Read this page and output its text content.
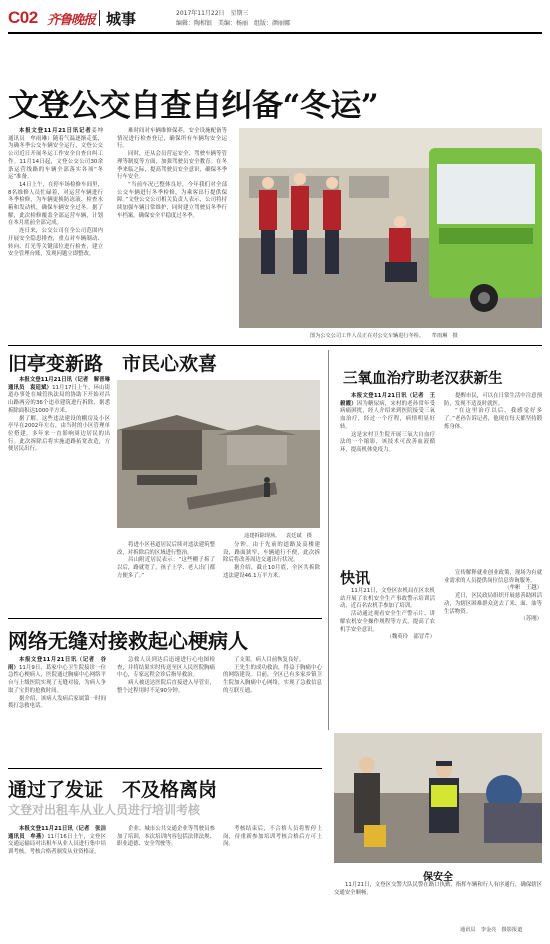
C02 齐鲁晚报 城事	2017年11月22日　星期三
编辑：陶相银　美编：杨丽　组版：颜丽娜
文登公交自查自纠备“冬运”

本报文登11月21日讯记者姜坤　通讯员　牟雨琳）随着气温逐渐走低，为确冬季公交车辆安全运行，文登公交公司近日开展冬运工作安全自查自纠工作。11月14日起，文登公交公司30余条运营线路的车辆全部落实各项“冬运”准备。

14日上午，在停车场检修车间里，8名维修人员忙碌着，对运营车辆进行冬季检修，为车辆更换防冻液、检查水箱和发动机，确保车辆安全过冬。据了解，此次检修覆盖全部运营车辆，计划在本月底前全部完成。

连日来，公交公司在全公司范围内开展安全隐患排查，重点对车辆制动、转向、灯光等关键部位进行检查，建立安全管理台账，发现问题立即整改。

难时间对车辆维修保养，安全设施配备等情况进行检查登记，确保所有车辆均安全运行。

同时，还从会员营运安全、驾驶车辆等管理等制度等方面，加强驾驶员安全教育。在冬季来临之际，提高驾驶员安全意识，确保冬季行车安全。

“当前车况已整体良好，今年我们对全部公交车辆进行冬季检修，为乘客出行提供保障。”文登公交公司相关负责人表示，公司将持续加强车辆日常维护，同时建立驾驶员冬季行车档案，确保安全平稳度过冬季。

图为公交公司工作人员正在对公交车辆进行冬检。 牟雨琳　摄
旧亭变新路　市民心欢喜

本报文登11月21日讯（记者　解晋琳　通讯员　袁廷斌）11月17日上午，环山街道办事处在城管执法局的协助下开始对昌山路两旁的36个违章建筑进行拆除，据悉拆除面积达1000平方米。

据了解，这些违法建设的棚房及小区亭早在2002年左右，由当时的小区管理单位搭建，多年来一直影响周边居民的出行。此次拆除后将实施道路拓宽改造，方便居民出行。

违建拆除现场。 袁廷斌　摄

将进小区巷道居民后续对违法建筑整改，对拆除后的区域进行整治。

昌山附近居民表示：“这些棚子拆了以后，路就宽了，孩子上学、老人出门都方便多了。”

分钟。由于先前的道路及高楼建设，路面狭窄，车辆通行不便，此次拆除后将改善周边交通出行状况。

据介绍，截止10月底，全区共拆除违法建设46.1万平方米。

三氧血治疗助老汉获新生

本报文登11月21日讯（记者　王毅霞）因为糖尿病，宋村的老孙常年受病痛困扰，经人介绍来到医院接受三氧血治疗，经过一个疗程，病情明显好转。

这是宋村卫生院开展三氧大自血疗法的一个缩影，该技术可改善血液循环，提高机体免疫力。

提醒市民，可以在日常生活中注意预防，发现不适及时就医。

“在这里治疗以后，我感觉好多了。”老孙告诉记者，他现在每天都坚持锻炼身体。

快讯

11月21日，文登区农机局在区农机站开展了农机安全生产事故警示培训活动，近百名农机手参加了培训。

活动通过观看安全生产警示片、讲解农机安全操作规程等方式，提高了农机手安全意识。

（魏英玲　邵冒芹）

宣传解释就业创业政策，现场为有就业需求的人员提供岗位信息咨询服务。

（牟彬　王越）

近日，区民政局组织开展慈善助困活动，为辖区困难群众送去了米、面、油等生活物资。

（苏刚）
网络无缝对接救起心梗病人

本报文登11月21日讯（记者　谷雨）11月9日，葛家中心卫生院接诊一位急性心梗病人，医院通过胸痛中心网络平台与上级医院实现了无缝对接，为病人争取了宝贵的抢救时间。

据介绍，该病人发病后家属第一时间拨打急救电话。

急救人员到达后迅速进行心电图检查，并将结果实时传送至区人民医院胸痛中心，专家远程会诊后指导救治。

病人被送达医院后直接进入导管室，整个过程用时不足90分钟。

了支架，病人目前恢复良好。

王先生的成功救治，得益于胸痛中心的网络建设。目前，全区已有多家乡镇卫生院加入胸痛中心网络，实现了急救信息的互联互通。

通过了发证　不及格离岗
文登对出租车从业人员进行培训考核

本报文登11月21日讯（记者　张洁　通讯员　牟燕）11月16日上午，文登区交通运输局对出租车从业人员进行集中培训考核，考核合格者颁发从业资格证。

企业、城市公共交通企业等驾驶员参加了培训，本次培训内容包括法律法规、职业道德、安全驾驶等。

考核结束后，不合格人员将暂停上岗，待重新参加培训考核合格后方可上岗。

保安全

11月21日，文登区交警大队民警在路口执勤，指挥车辆和行人有序通行，确保辖区交通安全顺畅。

通讯员　李金亮　摄影报道
